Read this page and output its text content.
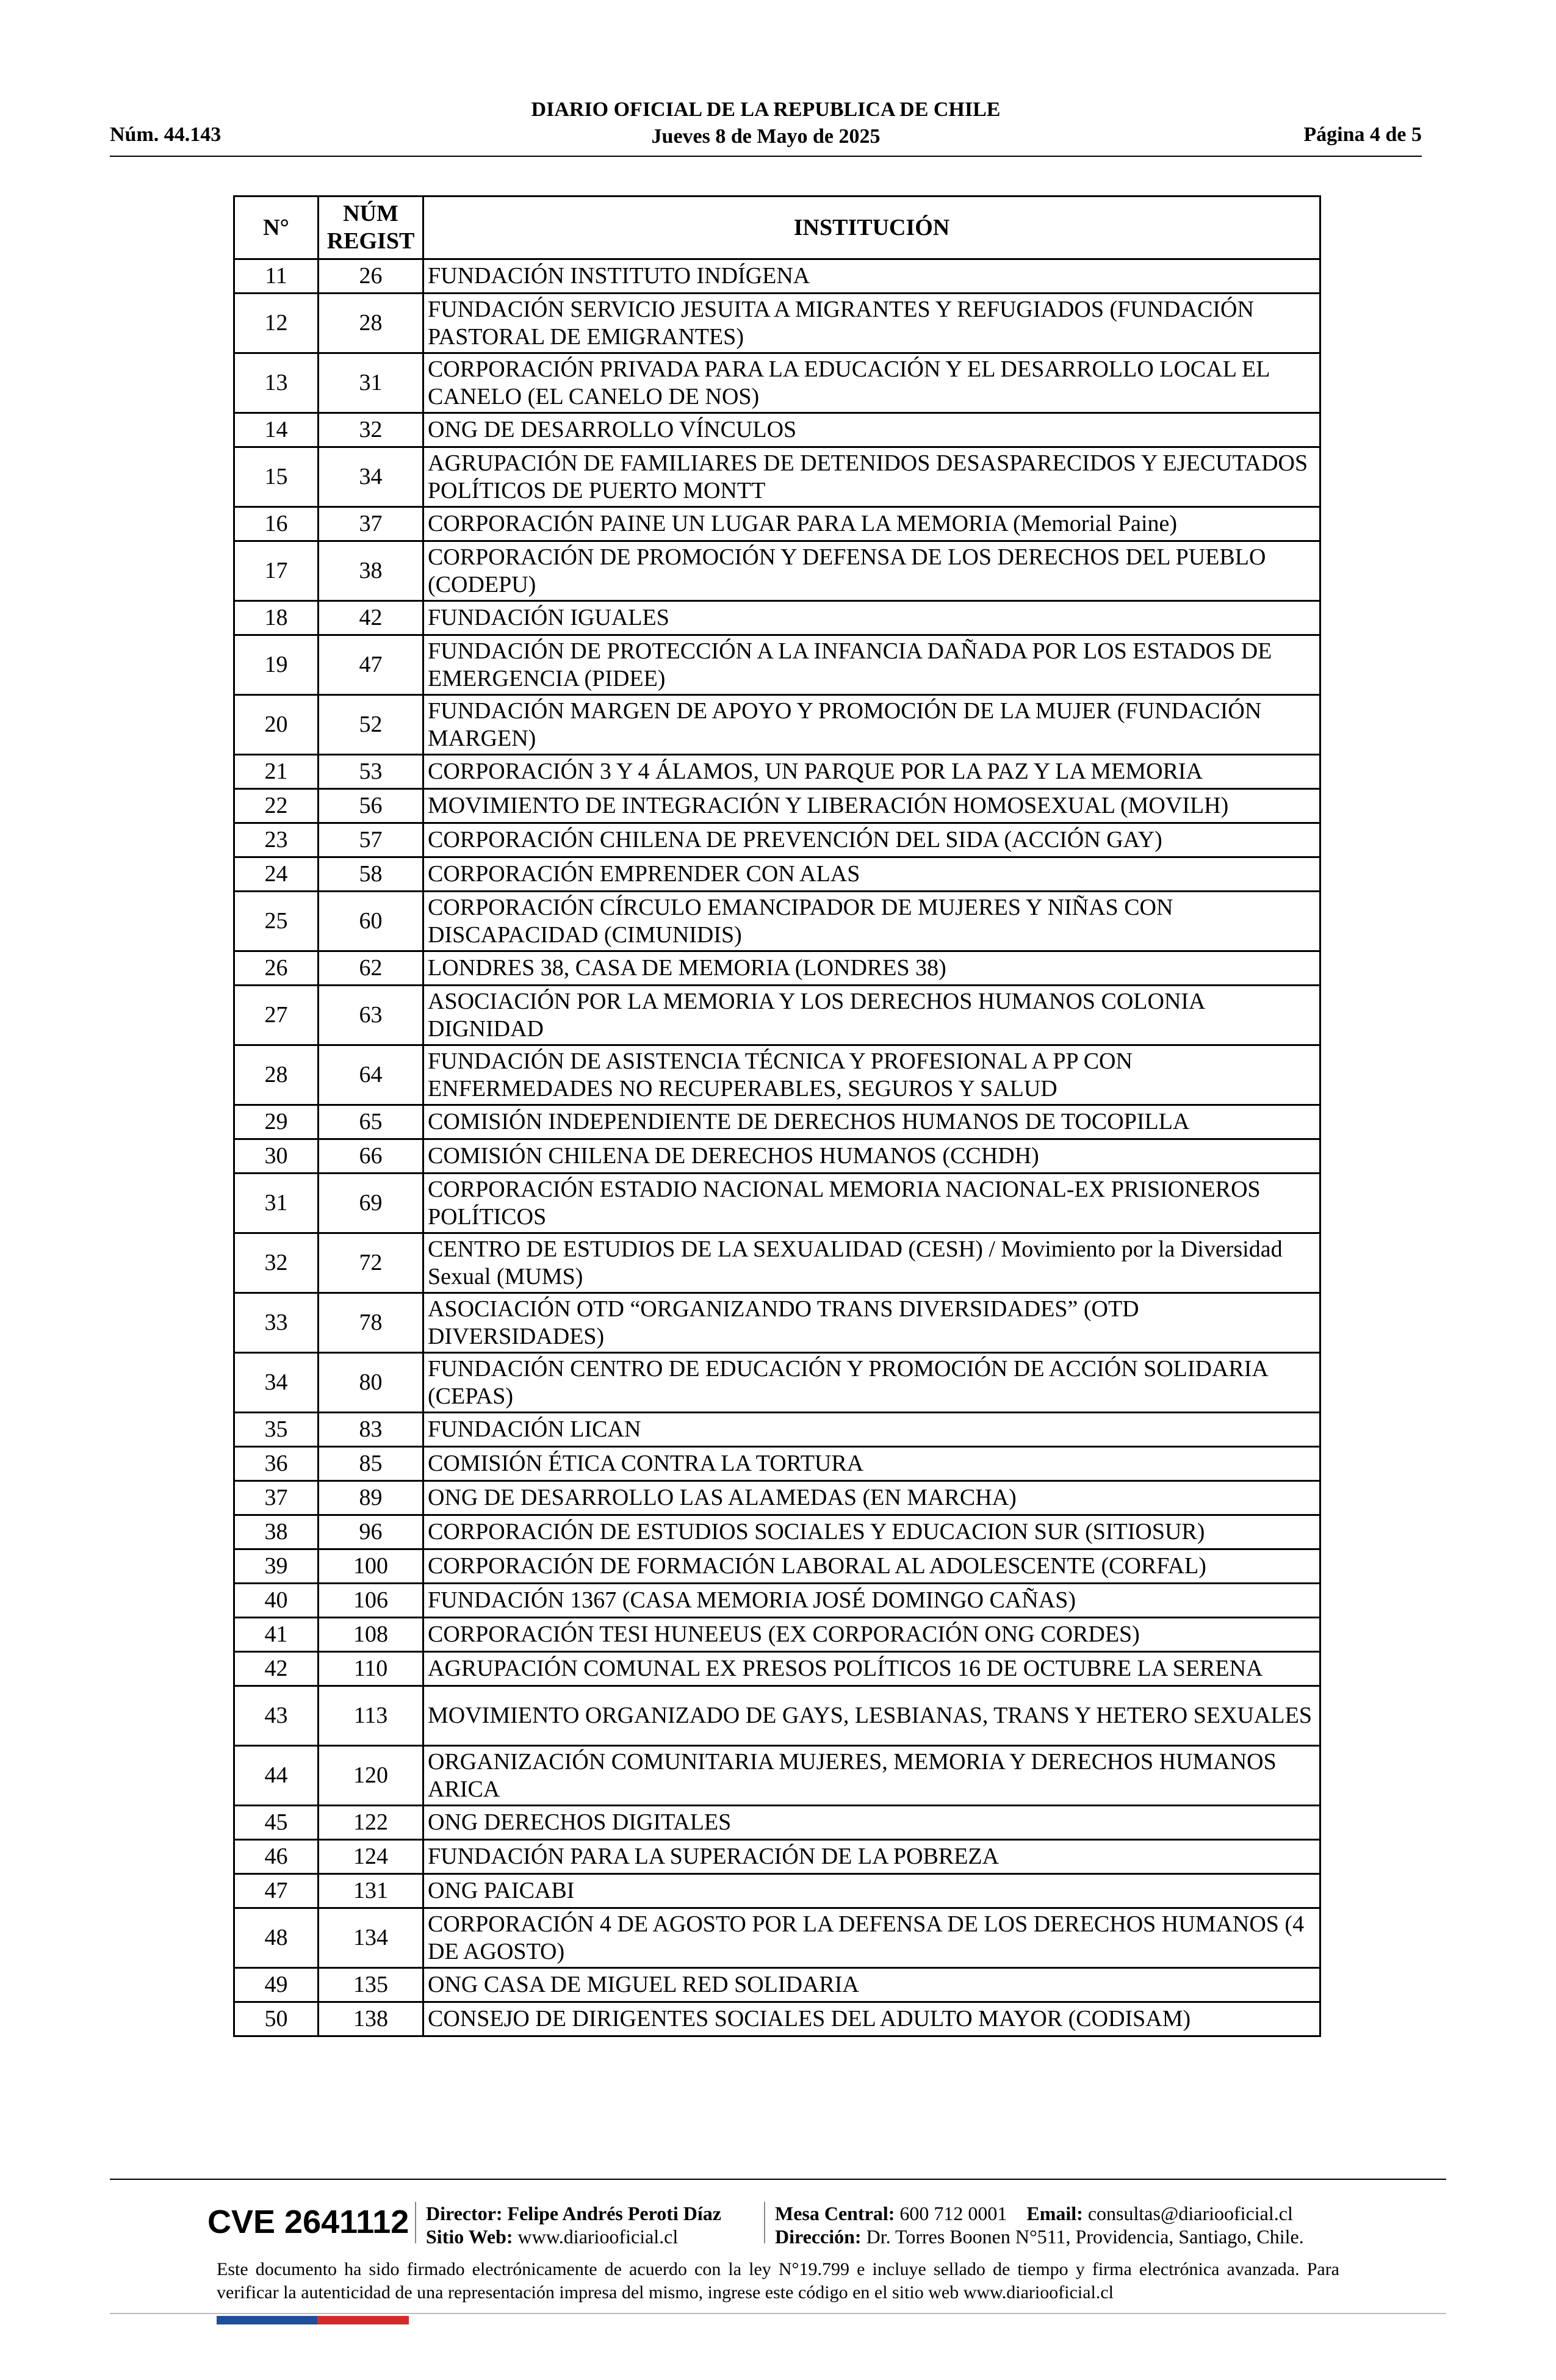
Núm. 44.143
DIARIO OFICIAL DE LA REPUBLICA DE CHILE
Jueves 8 de Mayo de 2025	Página 4 de 5
N°	NÚM REGIST	INSTITUCIÓN
11	26	FUNDACIÓN INSTITUTO INDÍGENA
12	28	FUNDACIÓN SERVICIO JESUITA A MIGRANTES Y REFUGIADOS (FUNDACIÓN PASTORAL DE EMIGRANTES)
13	31	CORPORACIÓN PRIVADA PARA LA EDUCACIÓN Y EL DESARROLLO LOCAL EL CANELO (EL CANELO DE NOS)
14	32	ONG DE DESARROLLO VÍNCULOS
15	34	AGRUPACIÓN DE FAMILIARES DE DETENIDOS DESASPARECIDOS Y EJECUTADOS POLÍTICOS DE PUERTO MONTT
16	37	CORPORACIÓN PAINE UN LUGAR PARA LA MEMORIA (Memorial Paine)
17	38	CORPORACIÓN DE PROMOCIÓN Y DEFENSA DE LOS DERECHOS DEL PUEBLO (CODEPU)
18	42	FUNDACIÓN IGUALES
19	47	FUNDACIÓN DE PROTECCIÓN A LA INFANCIA DAÑADA POR LOS ESTADOS DE EMERGENCIA (PIDEE)
20	52	FUNDACIÓN MARGEN DE APOYO Y PROMOCIÓN DE LA MUJER (FUNDACIÓN MARGEN)
21	53	CORPORACIÓN 3 Y 4 ÁLAMOS, UN PARQUE POR LA PAZ Y LA MEMORIA
22	56	MOVIMIENTO DE INTEGRACIÓN Y LIBERACIÓN HOMOSEXUAL (MOVILH)
23	57	CORPORACIÓN CHILENA DE PREVENCIÓN DEL SIDA (ACCIÓN GAY)
24	58	CORPORACIÓN EMPRENDER CON ALAS
25	60	CORPORACIÓN CÍRCULO EMANCIPADOR DE MUJERES Y NIÑAS CON DISCAPACIDAD (CIMUNIDIS)
26	62	LONDRES 38, CASA DE MEMORIA (LONDRES 38)
27	63	ASOCIACIÓN POR LA MEMORIA Y LOS DERECHOS HUMANOS COLONIA DIGNIDAD
28	64	FUNDACIÓN DE ASISTENCIA TÉCNICA Y PROFESIONAL A PP CON ENFERMEDADES NO RECUPERABLES, SEGUROS Y SALUD
29	65	COMISIÓN INDEPENDIENTE DE DERECHOS HUMANOS DE TOCOPILLA
30	66	COMISIÓN CHILENA DE DERECHOS HUMANOS (CCHDH)
31	69	CORPORACIÓN ESTADIO NACIONAL MEMORIA NACIONAL-EX PRISIONEROS POLÍTICOS
32	72	CENTRO DE ESTUDIOS DE LA SEXUALIDAD (CESH) / Movimiento por la Diversidad Sexual (MUMS)
33	78	ASOCIACIÓN OTD “ORGANIZANDO TRANS DIVERSIDADES” (OTD DIVERSIDADES)
34	80	FUNDACIÓN CENTRO DE EDUCACIÓN Y PROMOCIÓN DE ACCIÓN SOLIDARIA (CEPAS)
35	83	FUNDACIÓN LICAN
36	85	COMISIÓN ÉTICA CONTRA LA TORTURA
37	89	ONG DE DESARROLLO LAS ALAMEDAS (EN MARCHA)
38	96	CORPORACIÓN DE ESTUDIOS SOCIALES Y EDUCACION SUR (SITIOSUR)
39	100	CORPORACIÓN DE FORMACIÓN LABORAL AL ADOLESCENTE (CORFAL)
40	106	FUNDACIÓN 1367 (CASA MEMORIA JOSÉ DOMINGO CAÑAS)
41	108	CORPORACIÓN TESI HUNEEUS (EX CORPORACIÓN ONG CORDES)
42	110	AGRUPACIÓN COMUNAL EX PRESOS POLÍTICOS 16 DE OCTUBRE LA SERENA
43	113	MOVIMIENTO ORGANIZADO DE GAYS, LESBIANAS, TRANS Y HETERO SEXUALES
44	120	ORGANIZACIÓN COMUNITARIA MUJERES, MEMORIA Y DERECHOS HUMANOS ARICA
45	122	ONG DERECHOS DIGITALES
46	124	FUNDACIÓN PARA LA SUPERACIÓN DE LA POBREZA
47	131	ONG PAICABI
48	134	CORPORACIÓN 4 DE AGOSTO POR LA DEFENSA DE LOS DERECHOS HUMANOS (4 DE AGOSTO)
49	135	ONG CASA DE MIGUEL RED SOLIDARIA
50	138	CONSEJO DE DIRIGENTES SOCIALES DEL ADULTO MAYOR (CODISAM)
CVE 2641112 Director: Felipe Andrés Peroti Díaz
Sitio Web: www.diariooficial.cl
Mesa Central: 600 712 0001 Email: consultas@diariooficial.cl
Dirección: Dr. Torres Boonen N°511, Providencia, Santiago, Chile.
Este documento ha sido firmado electrónicamente de acuerdo con la ley N°19.799 e incluye sellado de tiempo y firma electrónica avanzada. Para verificar la autenticidad de una representación impresa del mismo, ingrese este código en el sitio web www.diariooficial.cl
